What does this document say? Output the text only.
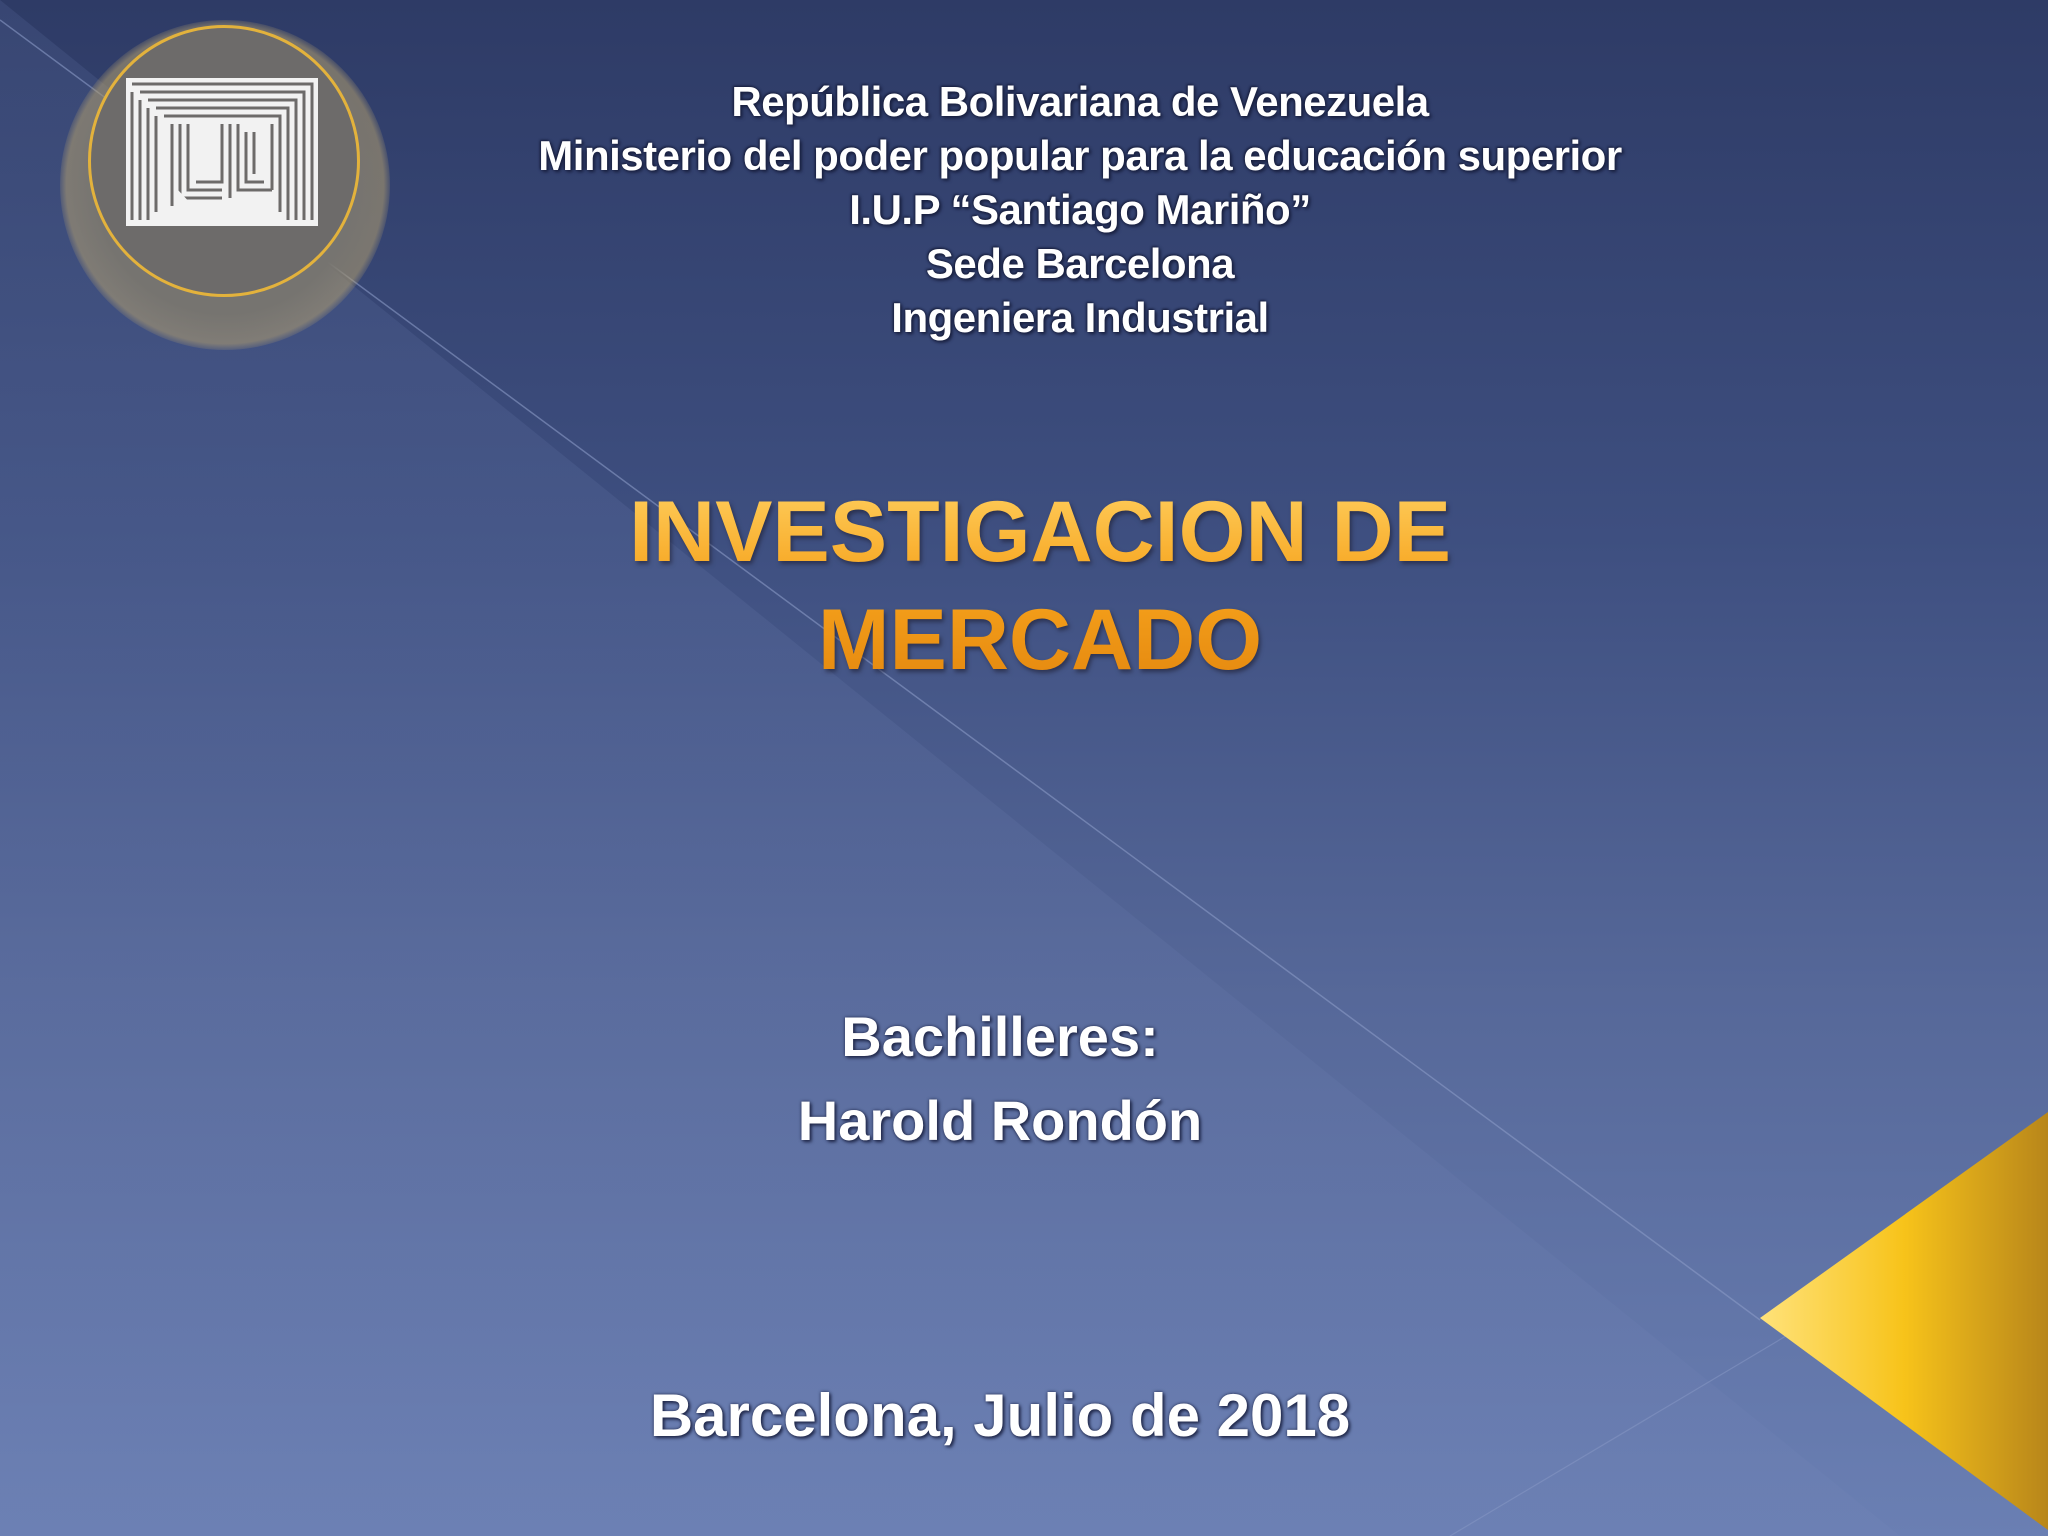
República Bolivariana de Venezuela
Ministerio del poder popular para la educación superior
I.U.P “Santiago Mariño”
Sede Barcelona
Ingeniera Industrial
INVESTIGACION DE
MERCADO
Bachilleres:
Harold Rondón
Barcelona, Julio de 2018
